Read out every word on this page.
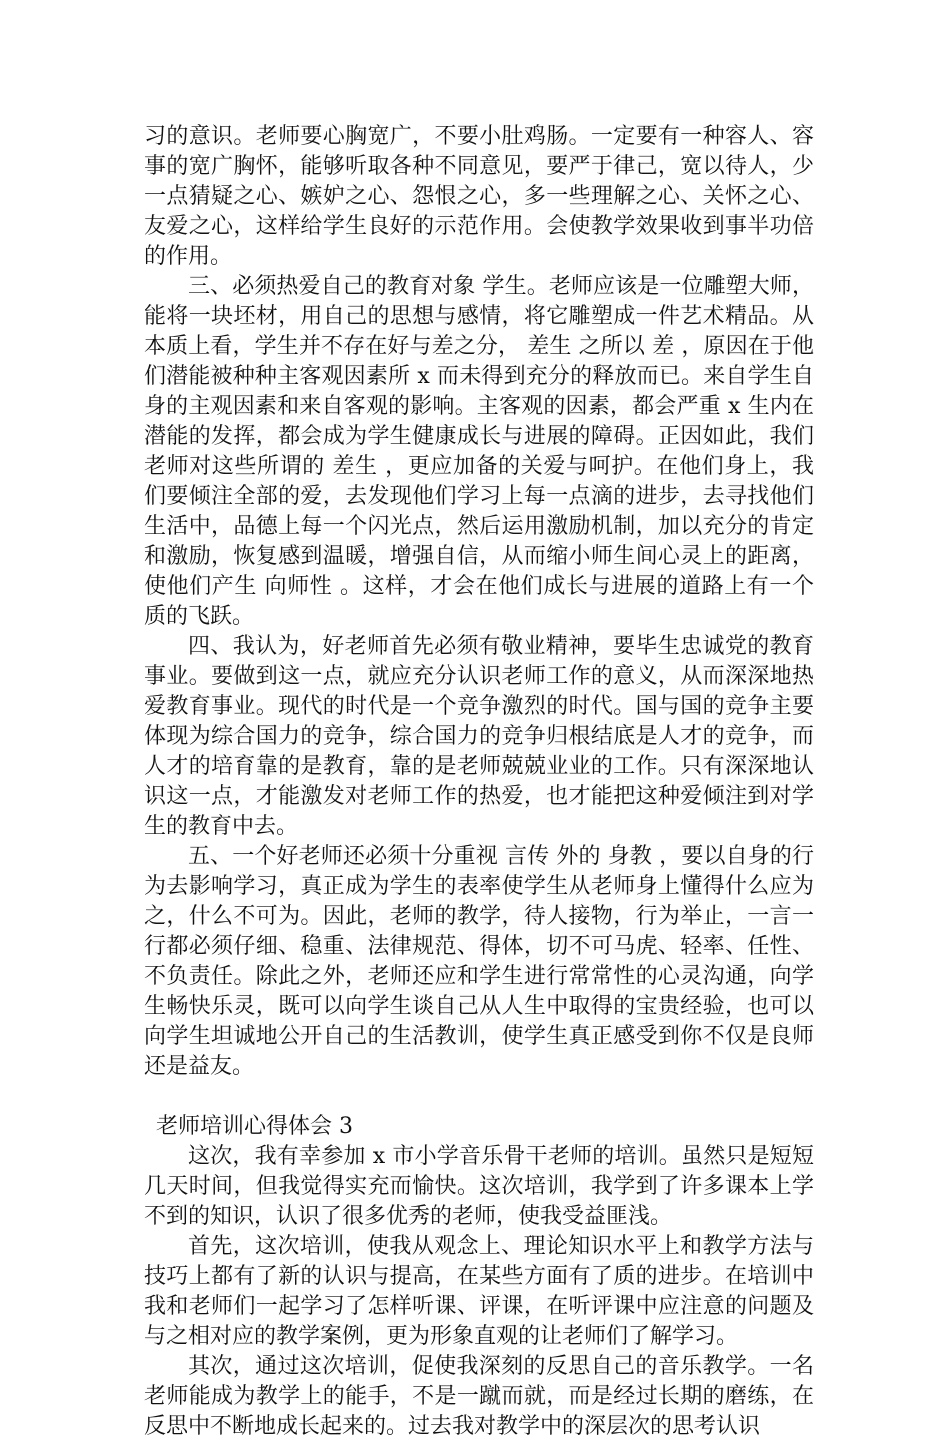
习的意识。老师要心胸宽广，不要小肚鸡肠。一定要有一种容人、容事的宽广胸怀，能够听取各种不同意见，要严于律己，宽以待人，少一点猜疑之心、嫉妒之心、怨恨之心，多一些理解之心、关怀之心、友爱之心，这样给学生良好的示范作用。会使教学效果收到事半功倍的作用。

三、必须热爱自己的教育对象 学生。老师应该是一位雕塑大师，能将一块坯材，用自己的思想与感情，将它雕塑成一件艺术精品。从本质上看，学生并不存在好与差之分， 差生 之所以 差 ，原因在于他们潜能被种种主客观因素所 x 而未得到充分的释放而已。来自学生自身的主观因素和来自客观的影响。主客观的因素，都会严重 x 生内在潜能的发挥，都会成为学生健康成长与进展的障碍。正因如此，我们老师对这些所谓的 差生 ，更应加备的关爱与呵护。在他们身上，我们要倾注全部的爱，去发现他们学习上每一点滴的进步，去寻找他们生活中，品德上每一个闪光点，然后运用激励机制，加以充分的肯定和激励，恢复感到温暖，增强自信，从而缩小师生间心灵上的距离，使他们产生 向师性 。这样，才会在他们成长与进展的道路上有一个质的飞跃。

四、我认为，好老师首先必须有敬业精神，要毕生忠诚党的教育事业。要做到这一点，就应充分认识老师工作的意义，从而深深地热爱教育事业。现代的时代是一个竞争激烈的时代。国与国的竞争主要体现为综合国力的竞争，综合国力的竞争归根结底是人才的竞争，而人才的培育靠的是教育，靠的是老师兢兢业业的工作。只有深深地认识这一点，才能激发对老师工作的热爱，也才能把这种爱倾注到对学生的教育中去。

五、一个好老师还必须十分重视 言传 外的 身教 ，要以自身的行为去影响学习，真正成为学生的表率使学生从老师身上懂得什么应为之，什么不可为。因此，老师的教学，待人接物，行为举止，一言一行都必须仔细、稳重、法律规范、得体，切不可马虎、轻率、任性、不负责任。除此之外，老师还应和学生进行常常性的心灵沟通，向学生畅快乐灵，既可以向学生谈自己从人生中取得的宝贵经验，也可以向学生坦诚地公开自己的生活教训，使学生真正感受到你不仅是良师还是益友。

老师培训心得体会 3

这次，我有幸参加 x 市小学音乐骨干老师的培训。虽然只是短短几天时间，但我觉得实充而愉快。这次培训，我学到了许多课本上学不到的知识，认识了很多优秀的老师，使我受益匪浅。

首先，这次培训，使我从观念上、理论知识水平上和教学方法与技巧上都有了新的认识与提高，在某些方面有了质的进步。在培训中我和老师们一起学习了怎样听课、评课，在听评课中应注意的问题及与之相对应的教学案例，更为形象直观的让老师们了解学习。

其次，通过这次培训，促使我深刻的反思自己的音乐教学。一名老师能成为教学上的能手，不是一蹴而就，而是经过长期的磨练，在反思中不断地成长起来的。过去我对教学中的深层次的思考认识
